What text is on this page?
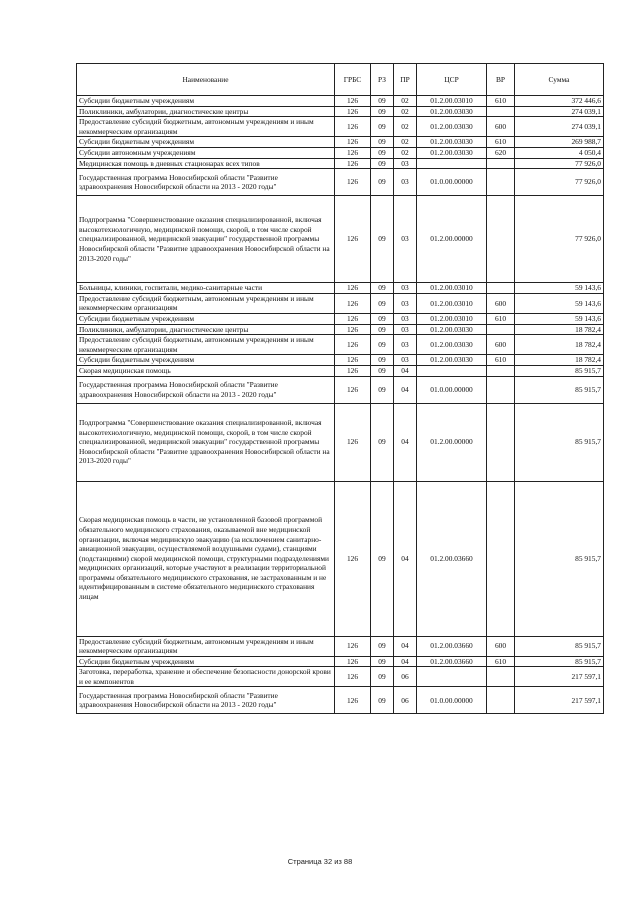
Наименование	ГРБС	РЗ	ПР	ЦСР	ВР	Сумма
Субсидии бюджетным учреждениям	126	09	02	01.2.00.03010	610	372 446,6
Поликлиники, амбулатории, диагностические центры	126	09	02	01.2.00.03030		274 039,1
Предоставление субсидий бюджетным, автономным учреждениям и иным некоммерческим организациям	126	09	02	01.2.00.03030	600	274 039,1
Субсидии бюджетным учреждениям	126	09	02	01.2.00.03030	610	269 988,7
Субсидии автономным учреждениям	126	09	02	01.2.00.03030	620	4 050,4
Медицинская помощь в дневных стационарах всех типов	126	09	03			77 926,0
Государственная программа Новосибирской области "Развитие здравоохранения Новосибирской области на 2013 - 2020 годы"	126	09	03	01.0.00.00000		77 926,0
Подпрограмма "Совершенствование оказания специализированной, включая высокотехнологичную, медицинской помощи, скорой, в том числе скорой специализированной, медицинской эвакуации" государственной программы Новосибирской области "Развитие здравоохранения Новосибирской области на 2013-2020 годы"	126	09	03	01.2.00.00000		77 926,0
Больницы, клиники, госпитали, медико-санитарные части	126	09	03	01.2.00.03010		59 143,6
Предоставление субсидий бюджетным, автономным учреждениям и иным некоммерческим организациям	126	09	03	01.2.00.03010	600	59 143,6
Субсидии бюджетным учреждениям	126	09	03	01.2.00.03010	610	59 143,6
Поликлиники, амбулатории, диагностические центры	126	09	03	01.2.00.03030		18 782,4
Предоставление субсидий бюджетным, автономным учреждениям и иным некоммерческим организациям	126	09	03	01.2.00.03030	600	18 782,4
Субсидии бюджетным учреждениям	126	09	03	01.2.00.03030	610	18 782,4
Скорая медицинская помощь	126	09	04			85 915,7
Государственная программа Новосибирской области "Развитие здравоохранения Новосибирской области на 2013 - 2020 годы"	126	09	04	01.0.00.00000		85 915,7
Подпрограмма "Совершенствование оказания специализированной, включая высокотехнологичную, медицинской помощи, скорой, в том числе скорой специализированной, медицинской эвакуации" государственной программы Новосибирской области "Развитие здравоохранения Новосибирской области на 2013-2020 годы"	126	09	04	01.2.00.00000		85 915,7
Скорая медицинская помощь в части, не установленной базовой программой обязательного медицинского страхования, оказываемой вне медицинской организации, включая медицинскую эвакуацию (за исключением санитарно-авиационной эвакуации, осуществляемой воздушными судами), станциями (подстанциями) скорой медицинской помощи, структурными подразделениями медицинских организаций, которые участвуют в реализации территориальной программы обязательного медицинского страхования, не застрахованным и не идентифицированным в системе обязательного медицинского страхования лицам	126	09	04	01.2.00.03660		85 915,7
Предоставление субсидий бюджетным, автономным учреждениям и иным некоммерческим организациям	126	09	04	01.2.00.03660	600	85 915,7
Субсидии бюджетным учреждениям	126	09	04	01.2.00.03660	610	85 915,7
Заготовка, переработка, хранение и обеспечение безопасности донорской крови и ее компонентов	126	09	06			217 597,1
Государственная программа Новосибирской области "Развитие здравоохранения Новосибирской области на 2013 - 2020 годы"	126	09	06	01.0.00.00000		217 597,1
Страница 32 из 88
